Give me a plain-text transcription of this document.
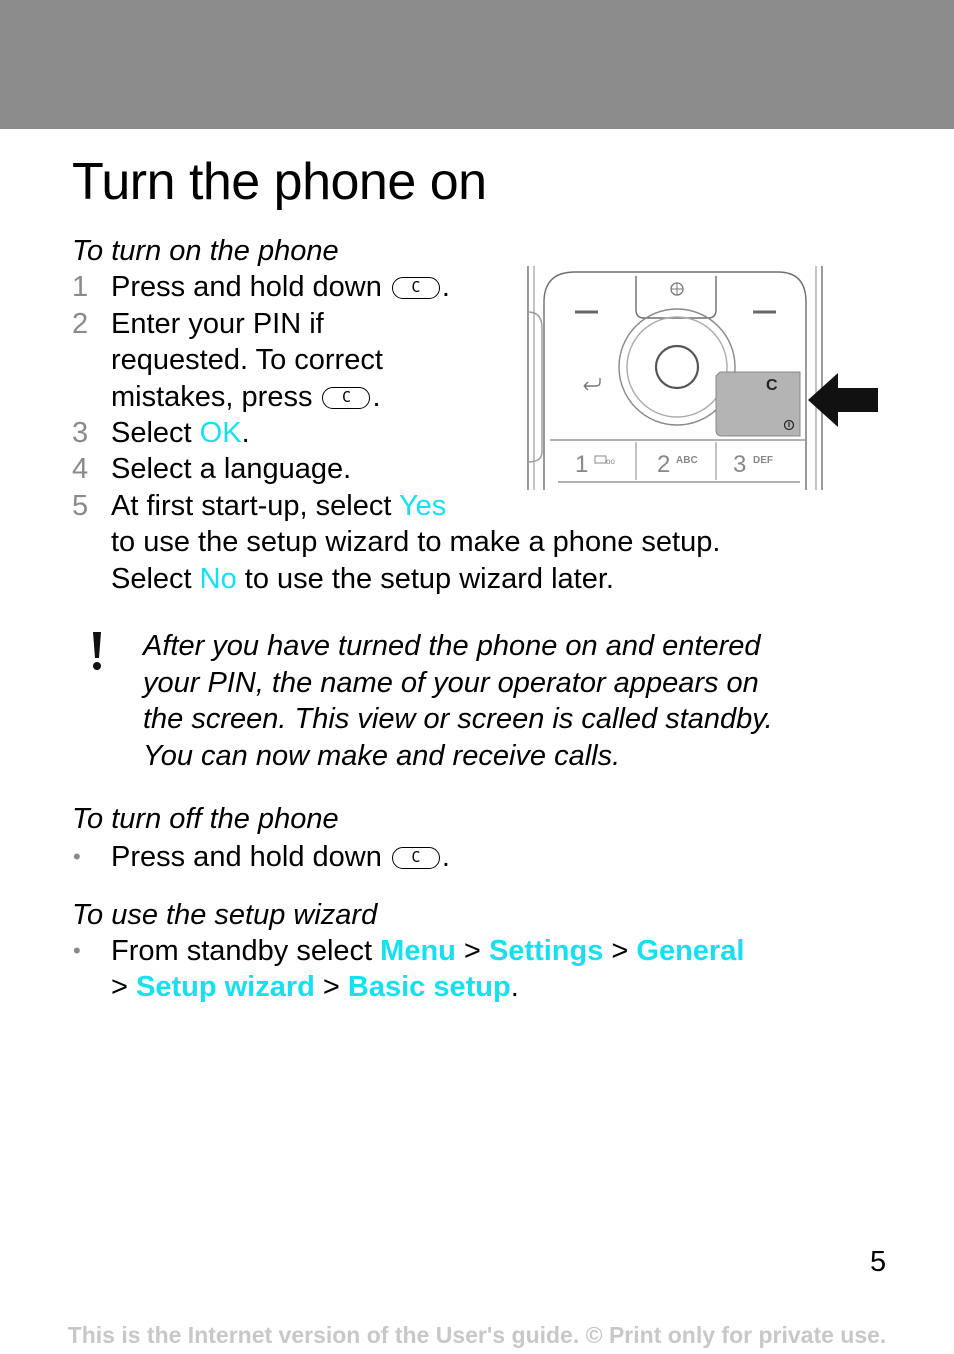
Turn the phone on
To turn on the phone
1 Press and hold down C .
2 Enter your PIN if
requested. To correct
mistakes, press C .
3 Select OK.
4 Select a language.
5 At first start-up, select Yes
to use the setup wizard to make a phone setup.
Select No to use the setup wizard later.
C
1 oo 2 ABC 3 DEF
After you have turned the phone on and entered
your PIN, the name of your operator appears on
the screen. This view or screen is called standby.
You can now make and receive calls.
To turn off the phone
• Press and hold down C .
To use the setup wizard
• From standby select Menu > Settings > General
> Setup wizard > Basic setup.
5
This is the Internet version of the User's guide. © Print only for private use.
